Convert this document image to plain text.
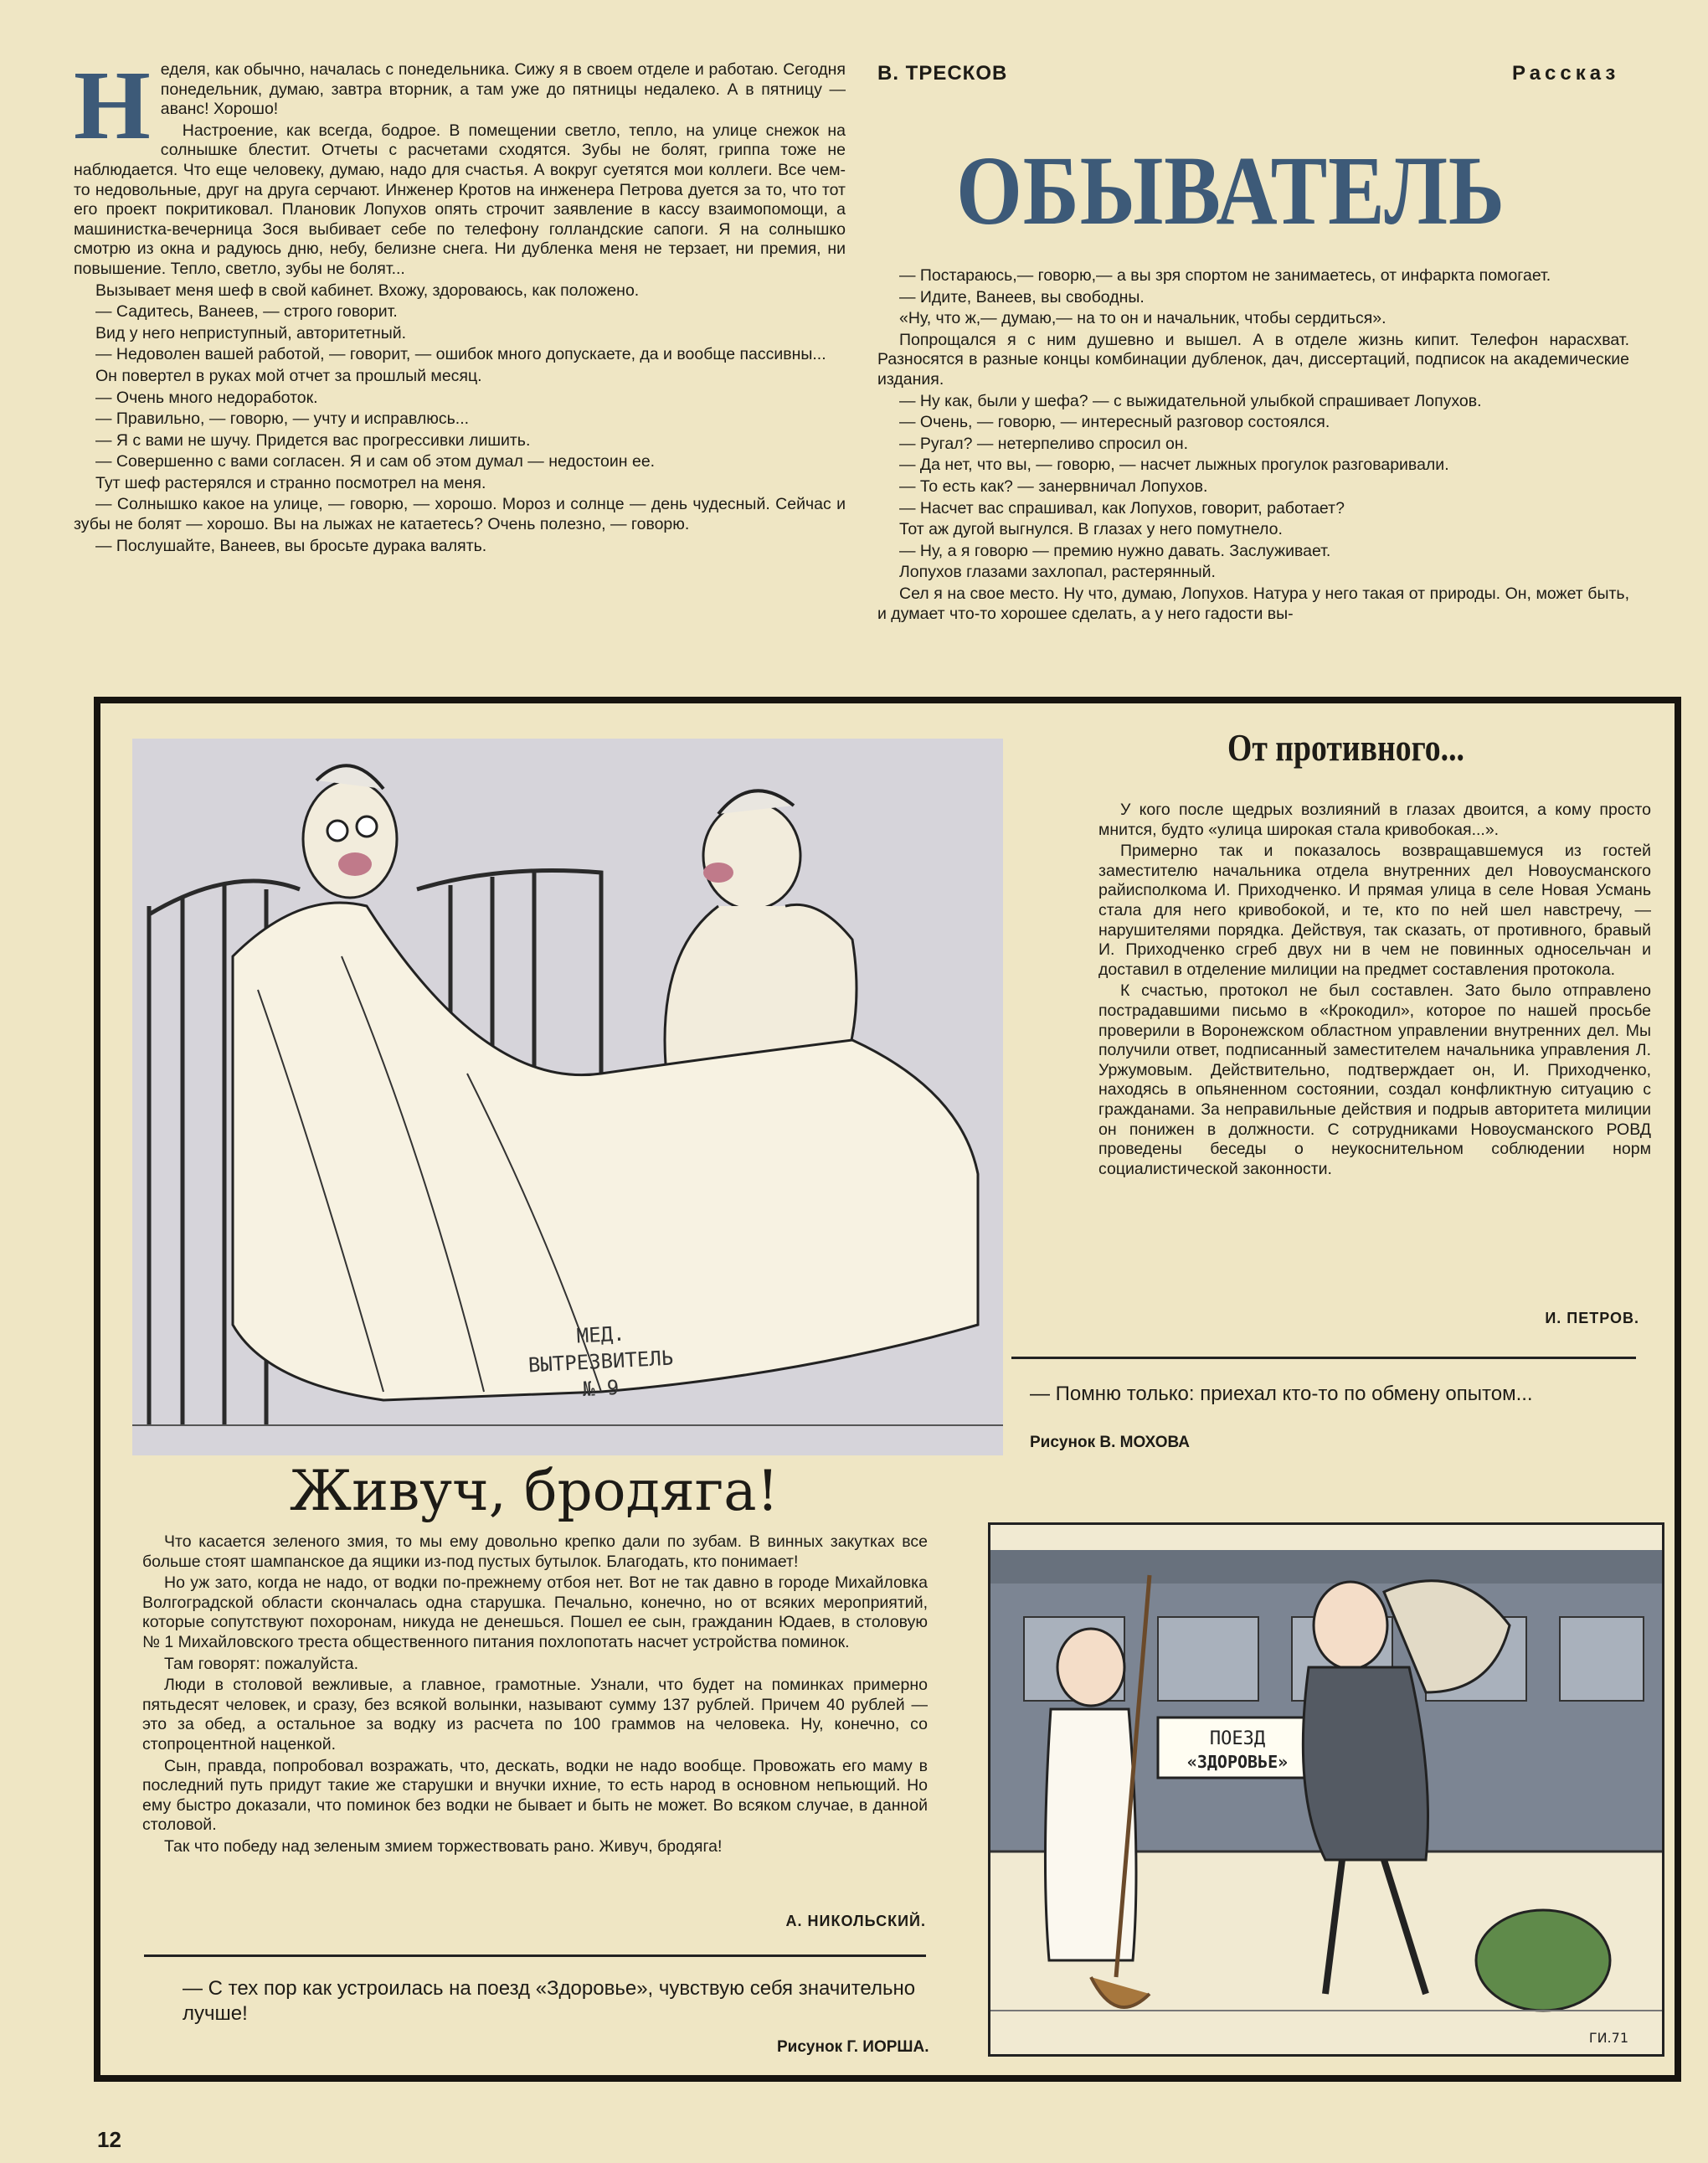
Н еделя, как обычно, началась с понедельника. Сижу я в своем отделе и работаю. Сегодня понедельник, думаю, завтра вторник, а там уже до пятницы недалеко. А в пятницу — аванс! Хорошо!

Настроение, как всегда, бодрое. В помещении светло, тепло, на улице снежок на солнышке блестит. Отчеты с расчетами сходятся. Зубы не болят, гриппа тоже не наблюдается. Что еще человеку, думаю, надо для счастья. А вокруг суетятся мои коллеги. Все чем-то недовольные, друг на друга серчают. Инженер Кротов на инженера Петрова дуется за то, что тот его проект покритиковал. Плановик Лопухов опять строчит заявление в кассу взаимопомощи, а машинистка-вечерница Зося выбивает себе по телефону голландские сапоги. Я на солнышко смотрю из окна и радуюсь дню, небу, белизне снега. Ни дубленка меня не терзает, ни премия, ни повышение. Тепло, светло, зубы не болят...

Вызывает меня шеф в свой кабинет. Вхожу, здороваюсь, как положено.

— Садитесь, Ванеев, — строго говорит.

Вид у него неприступный, авторитетный.

— Недоволен вашей работой, — говорит, — ошибок много допускаете, да и вообще пассивны...

Он повертел в руках мой отчет за прошлый месяц.

— Очень много недоработок.

— Правильно, — говорю, — учту и исправлюсь...

— Я с вами не шучу. Придется вас прогрессивки лишить.

— Совершенно с вами согласен. Я и сам об этом думал — недостоин ее.

Тут шеф растерялся и странно посмотрел на меня.

— Солнышко какое на улице, — говорю, — хорошо. Мороз и солнце — день чудесный. Сейчас и зубы не болят — хорошо. Вы на лыжах не катаетесь? Очень полезно, — говорю.

— Послушайте, Ванеев, вы бросьте дурака валять.

В. ТРЕСКОВ	Рассказ
ОБЫВАТЕЛЬ

— Постараюсь,— говорю,— а вы зря спортом не занимаетесь, от инфаркта помогает.

— Идите, Ванеев, вы свободны.

«Ну, что ж,— думаю,— на то он и начальник, чтобы сердиться».

Попрощался я с ним душевно и вышел. А в отделе жизнь кипит. Телефон нарасхват. Разносятся в разные концы комбинации дубленок, дач, диссертаций, подписок на академические издания.

— Ну как, были у шефа? — с выжидательной улыбкой спрашивает Лопухов.

— Очень, — говорю, — интересный разговор состоялся.

— Ругал? — нетерпеливо спросил он.

— Да нет, что вы, — говорю, — насчет лыжных прогулок разговаривали.

— То есть как? — занервничал Лопухов.

— Насчет вас спрашивал, как Лопухов, говорит, работает?

Тот аж дугой выгнулся. В глазах у него помутнело.

— Ну, а я говорю — премию нужно давать. Заслуживает.

Лопухов глазами захлопал, растерянный.

Сел я на свое место. Ну что, думаю, Лопухов. Натура у него такая от природы. Он, может быть, и думает что-то хорошее сделать, а у него гадости вы-

МЕД.
ВЫТРЕЗВИТЕЛЬ
№ 9
От противного...

У кого после щедрых возлияний в глазах двоится, а кому просто мнится, будто «улица широкая стала кривобокая...».

Примерно так и показалось возвращавшемуся из гостей заместителю начальника отдела внутренних дел Новоусманского райисполкома И. Приходченко. И прямая улица в селе Новая Усмань стала для него кривобокой, и те, кто по ней шел навстречу, — нарушителями порядка. Действуя, так сказать, от противного, бравый И. Приходченко сгреб двух ни в чем не повинных односельчан и доставил в отделение милиции на предмет составления протокола.

К счастью, протокол не был составлен. Зато было отправлено пострадавшими письмо в «Крокодил», которое по нашей просьбе проверили в Воронежском областном управлении внутренних дел. Мы получили ответ, подписанный заместителем начальника управления Л. Уржумовым. Действительно, подтверждает он, И. Приходченко, находясь в опьяненном состоянии, создал конфликтную ситуацию с гражданами. За неправильные действия и подрыв авторитета милиции он понижен в должности. С сотрудниками Новоусманского РОВД проведены беседы о неукоснительном соблюдении норм социалистической законности.

И. ПЕТРОВ.
— Помню только: приехал кто-то по обмену опытом...
Рисунок В. МОХОВА
Живуч, бродяга!

Что касается зеленого змия, то мы ему довольно крепко дали по зубам. В винных закутках все больше стоят шампанское да ящики из-под пустых бутылок. Благодать, кто понимает!

Но уж зато, когда не надо, от водки по-прежнему отбоя нет. Вот не так давно в городе Михайловка Волгоградской области скончалась одна старушка. Печально, конечно, но от всяких мероприятий, которые сопутствуют похоронам, никуда не денешься. Пошел ее сын, гражданин Юдаев, в столовую № 1 Михайловского треста общественного питания похлопотать насчет устройства поминок.

Там говорят: пожалуйста.

Люди в столовой вежливые, а главное, грамотные. Узнали, что будет на поминках примерно пятьдесят человек, и сразу, без всякой волынки, называют сумму 137 рублей. Причем 40 рублей — это за обед, а остальное за водку из расчета по 100 граммов на человека. Ну, конечно, со стопроцентной наценкой.

Сын, правда, попробовал возражать, что, дескать, водки не надо вообще. Провожать его маму в последний путь придут такие же старушки и внучки ихние, то есть народ в основном непьющий. Но ему быстро доказали, что поминок без водки не бывает и быть не может. Во всяком случае, в данной столовой.

Так что победу над зеленым змием торжествовать рано. Живуч, бродяга!

А. НИКОЛЬСКИЙ.
— С тех пор как устроилась на поезд «Здоровье», чувствую себя значительно лучше!
Рисунок Г. ИОРША.
ПОЕЗД
«ЗДОРОВЬЕ»
ГИ.71
12
